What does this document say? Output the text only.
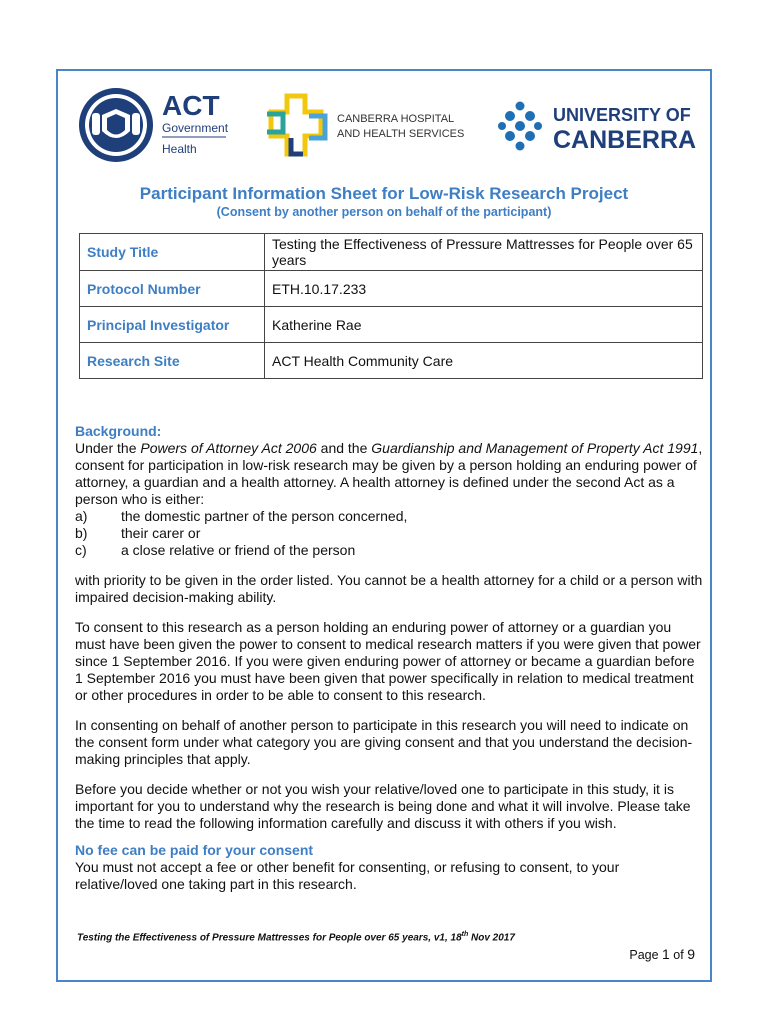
ACT
Government
Health
CANBERRA HOSPITAL
AND HEALTH SERVICES
UNIVERSITY OF
CANBERRA
Participant Information Sheet for Low-Risk Research Project
(Consent by another person on behalf of the participant)
Study Title	Testing the Effectiveness of Pressure Mattresses for People over 65 years
Protocol Number	ETH.10.17.233
Principal Investigator	Katherine Rae
Research Site	ACT Health Community Care

Background:

Under the Powers of Attorney Act 2006 and the Guardianship and Management of Property Act 1991, consent for participation in low-risk research may be given by a person holding an enduring power of attorney, a guardian and a health attorney. A health attorney is defined under the second Act as a person who is either:

a)	the domestic partner of the person concerned,
b)	their carer or
c)	a close relative or friend of the person

with priority to be given in the order listed. You cannot be a health attorney for a child or a person with impaired decision-making ability.

To consent to this research as a person holding an enduring power of attorney or a guardian you must have been given the power to consent to medical research matters if you were given that power since 1 September 2016. If you were given enduring power of attorney or became a guardian before 1 September 2016 you must have been given that power specifically in relation to medical treatment or other procedures in order to be able to consent to this research.

In consenting on behalf of another person to participate in this research you will need to indicate on the consent form under what category you are giving consent and that you understand the decision-making principles that apply.

Before you decide whether or not you wish your relative/loved one to participate in this study, it is important for you to understand why the research is being done and what it will involve. Please take the time to read the following information carefully and discuss it with others if you wish.

No fee can be paid for your consent

You must not accept a fee or other benefit for consenting, or refusing to consent, to your relative/loved one taking part in this research.

Testing the Effectiveness of Pressure Mattresses for People over 65 years, v1, 18th Nov 2017
Page 1 of 9
